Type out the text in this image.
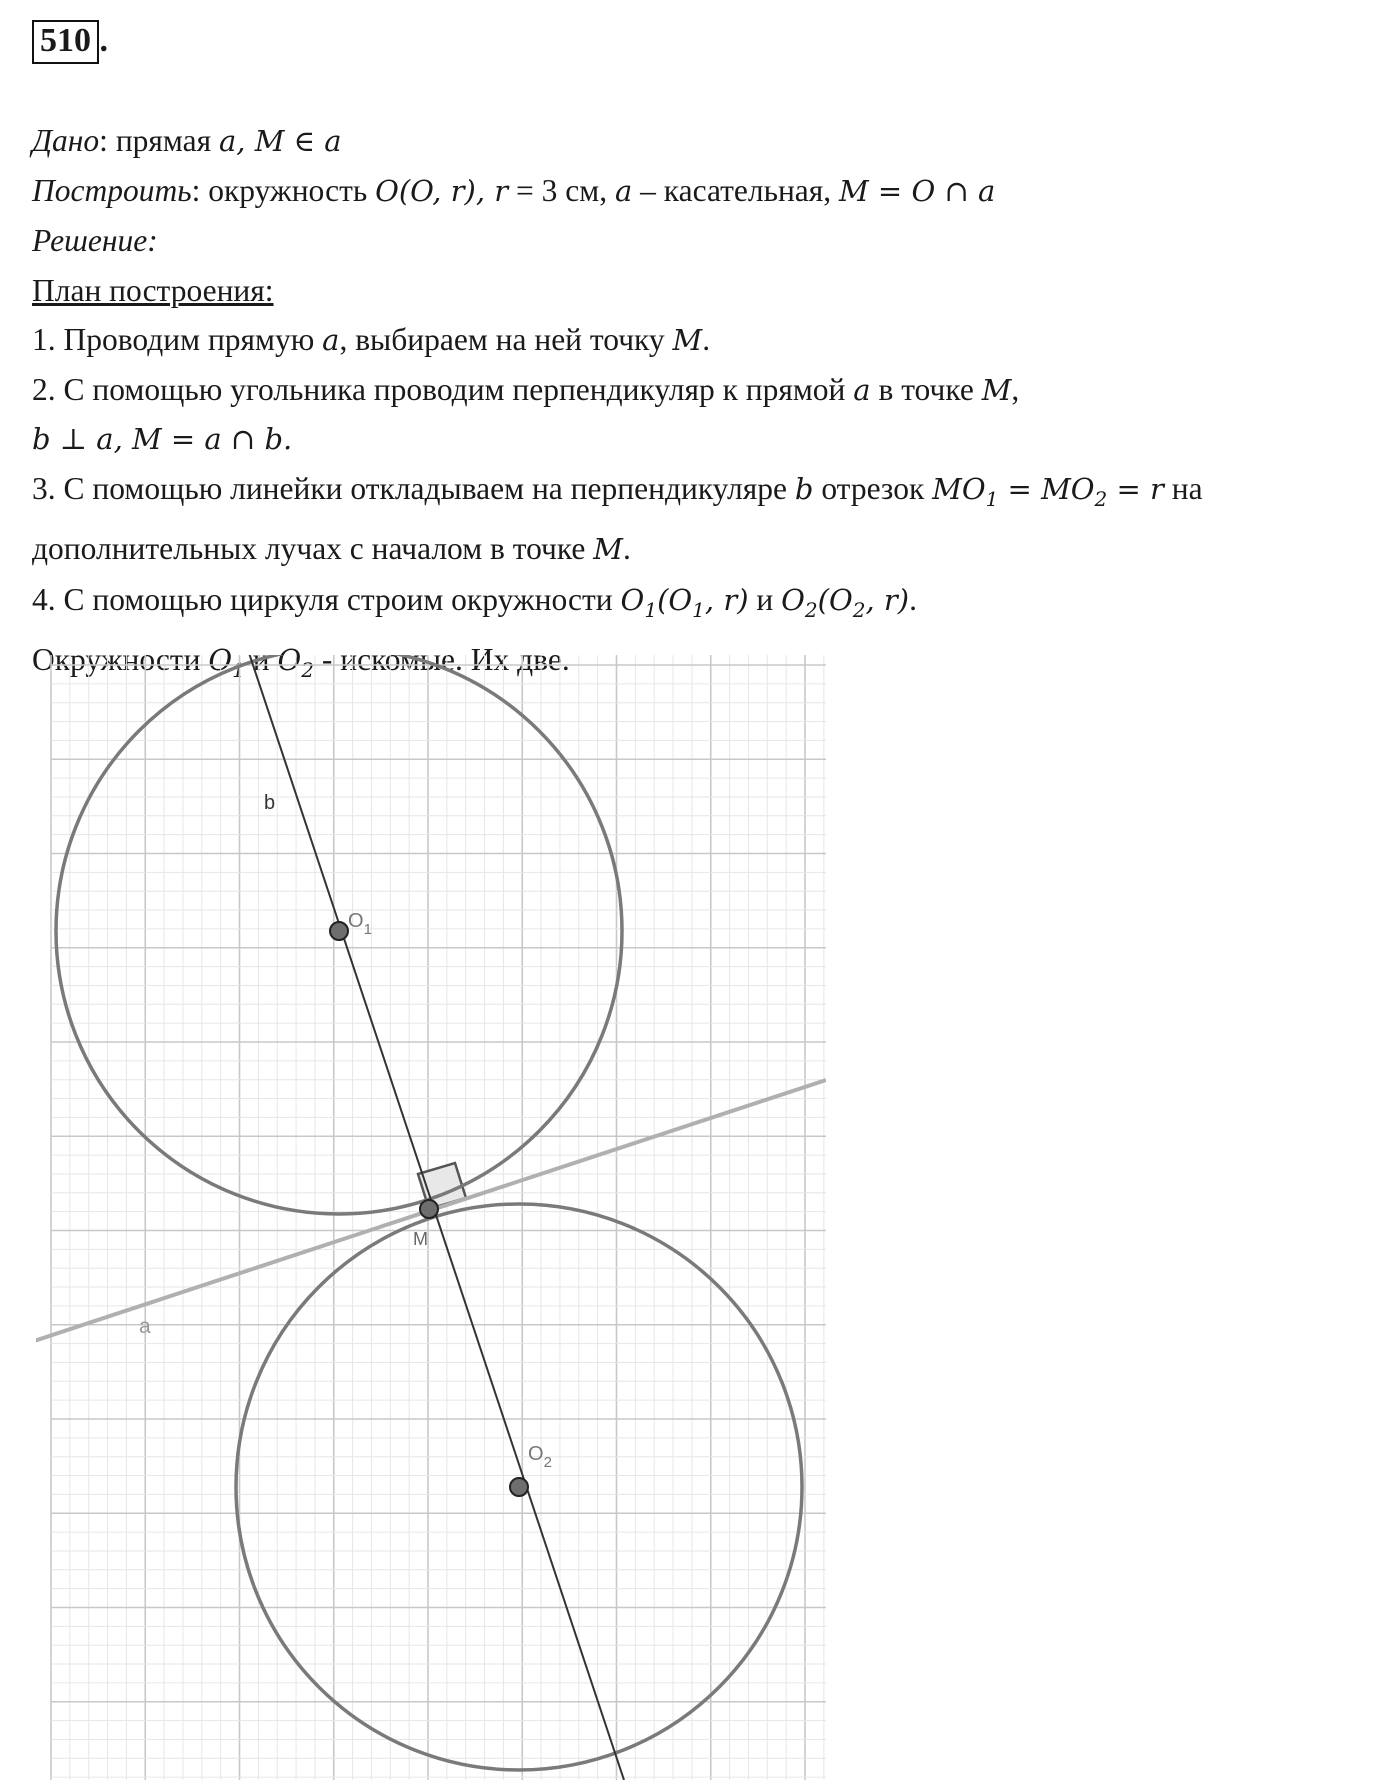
510 .
Дано: прямая a, M ∈ a
Построить: окружность O(O, r), r = 3 см, a – касательная, M = O ∩ a
Решение:
План построения:
1. Проводим прямую a, выбираем на ней точку M.
2. С помощью угольника проводим перпендикуляр к прямой a в точке M,
b ⊥ a, M = a ∩ b.
3. С помощью линейки откладываем на перпендикуляре b отрезок $MO_1 = MO_2 = r$ на
дополнительных лучах с началом в точке M.
4. С помощью циркуля строим окружности $O_1(O_1$, r) и $O_2(O_2$, r).
Окружности $O_1$ и $O_2$ - искомые. Их две.
b
a
M
$O_1$
$O_2$
